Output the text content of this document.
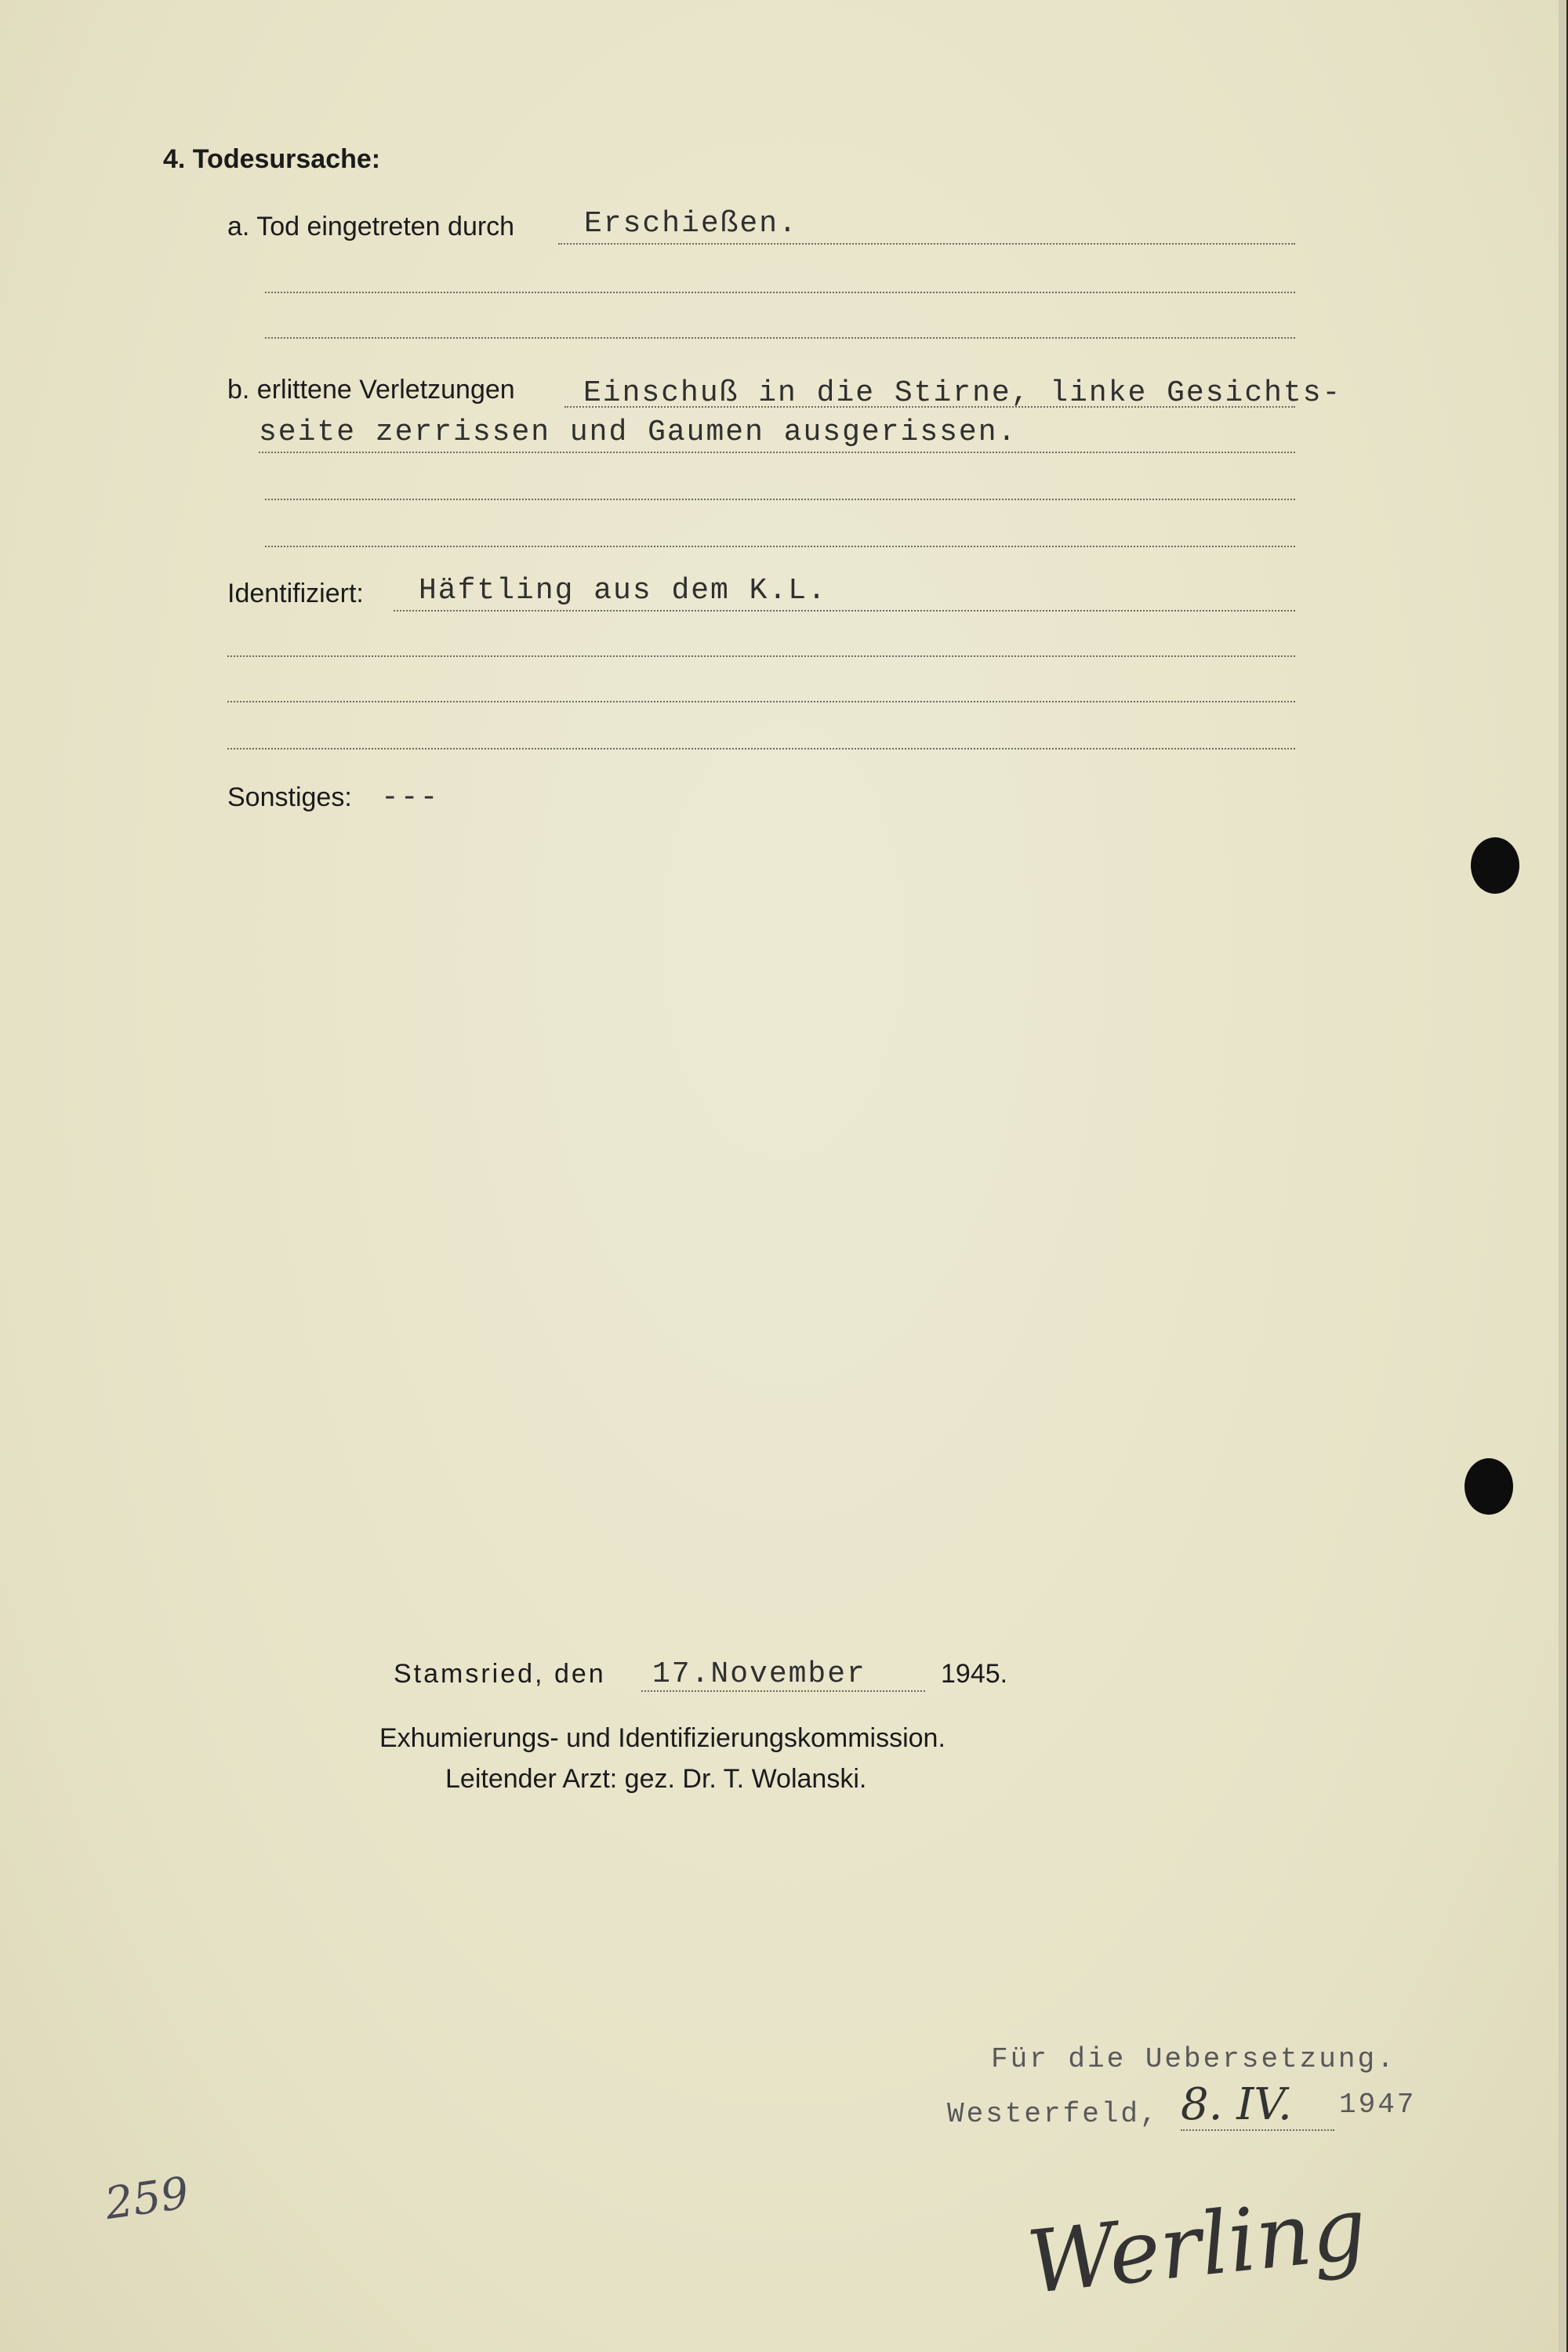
4. Todesursache:
a. Tod eingetreten durch Erschießen.
b. erlittene Verletzungen Einschuß in die Stirne, linke Gesichts-
seite zerrissen und Gaumen ausgerissen.
Identifiziert: Häftling aus dem K.L.
Sonstiges: ---
Stamsried, den 17.November	1945.
Exhumierungs- und Identifizierungskommission.
Leitender Arzt: gez. Dr. T. Wolanski.
Für die Uebersetzung.
Westerfeld, 8. IV. 1947
Werling
259
